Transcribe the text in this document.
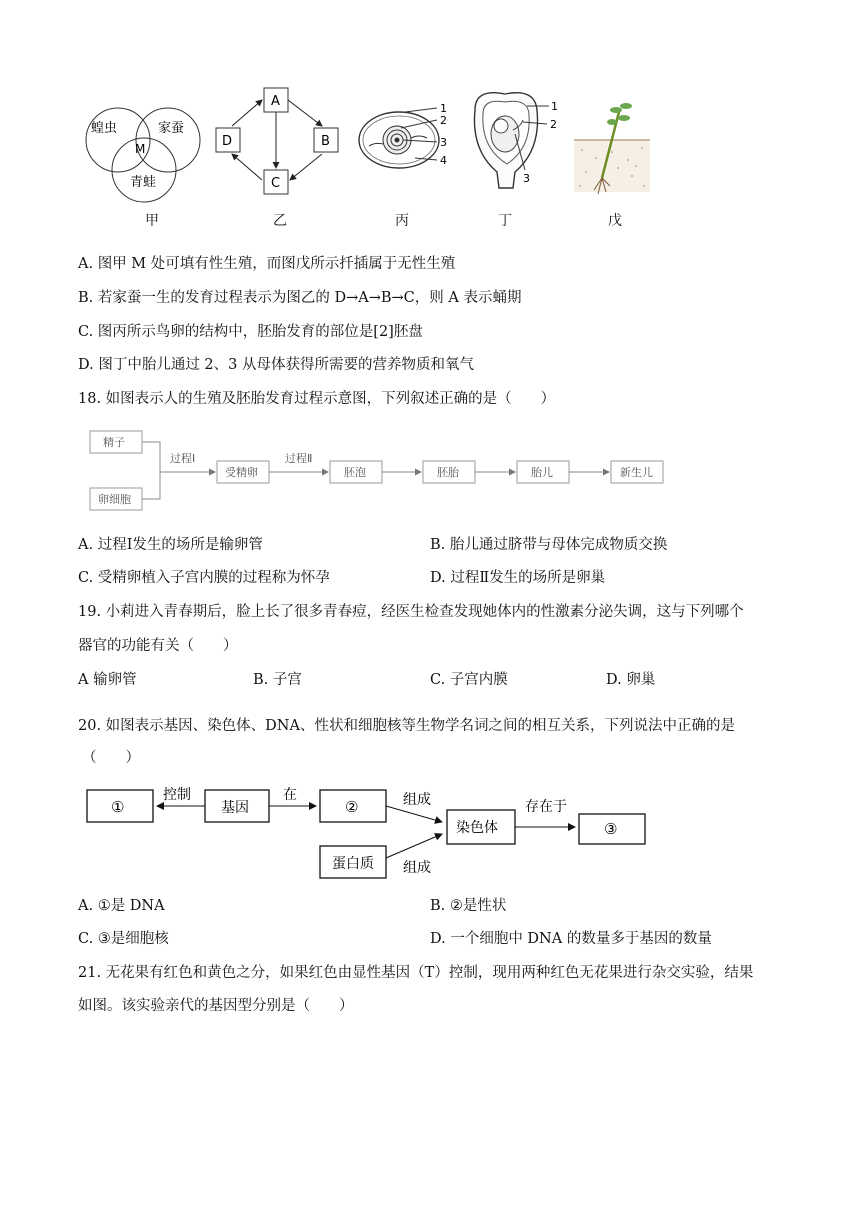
蝗虫	家蚕
M
青蛙
A
B
C
D
1
2
3
4
1
2
3
甲	乙	丙	丁	戊
A. 图甲 M 处可填有性生殖，而图戊所示扦插属于无性生殖
B. 若家蚕一生的发育过程表示为图乙的 D→A→B→C，则 A 表示蛹期
C. 图丙所示鸟卵的结构中，胚胎发育的部位是[2]胚盘
D. 图丁中胎儿通过 2、3 从母体获得所需要的营养物质和氧气
18. 如图表示人的生殖及胚胎发育过程示意图，下列叙述正确的是（　　）
精子
卵细胞
过程Ⅰ
受精卵
过程Ⅱ
胚泡	胚胎	胎儿	新生儿
A. 过程Ⅰ发生的场所是输卵管	B. 胎儿通过脐带与母体完成物质交换
C. 受精卵植入子宫内膜的过程称为怀孕	D. 过程Ⅱ发生的场所是卵巢
19. 小莉进入青春期后，脸上长了很多青春痘，经医生检查发现她体内的性激素分泌失调，这与下列哪个
器官的功能有关（　　）
A 输卵管	B. 子宫	C. 子宫内膜	D. 卵巢
20. 如图表示基因、染色体、DNA、性状和细胞核等生物学名词之间的相互关系，下列说法中正确的是
（　　）
①
控制
基因
在
②	组成
染色体
存在于
③
蛋白质 组成
A. ①是 DNA	B. ②是性状
C. ③是细胞核	D. 一个细胞中 DNA 的数量多于基因的数量
21. 无花果有红色和黄色之分，如果红色由显性基因（T）控制，现用两种红色无花果进行杂交实验，结果
如图。该实验亲代的基因型分别是（　　）
